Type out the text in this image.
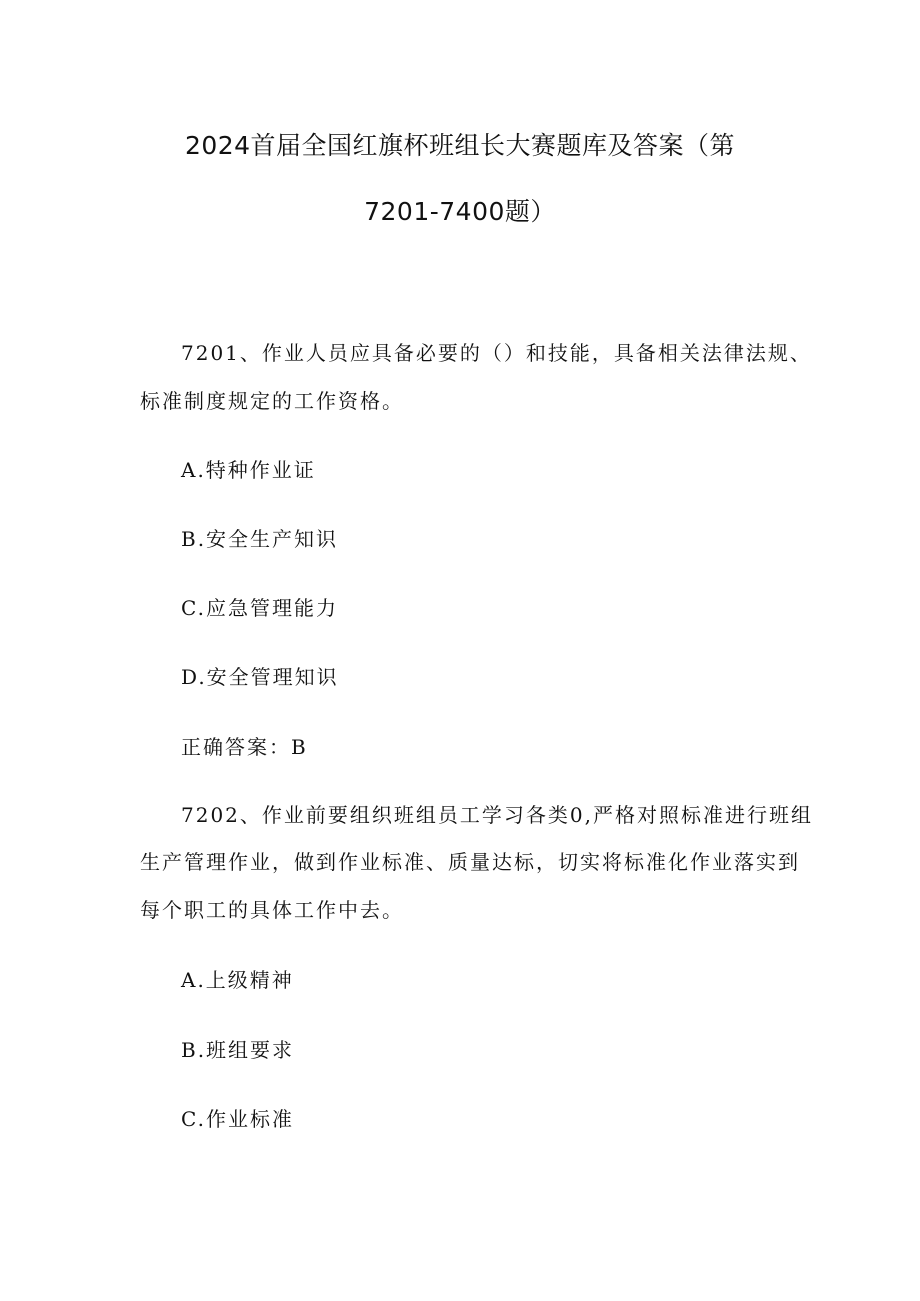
2024首届全国红旗杯班组长大赛题库及答案（第
7201-7400题）
7201、作业人员应具备必要的（）和技能，具备相关法律法规、
标准制度规定的工作资格。
A.特种作业证
B.安全生产知识
C.应急管理能力
D.安全管理知识
正确答案：B
7202、作业前要组织班组员工学习各类0,严格对照标准进行班组
生产管理作业，做到作业标准、质量达标，切实将标准化作业落实到
每个职工的具体工作中去。
A.上级精神
B.班组要求
C.作业标准
